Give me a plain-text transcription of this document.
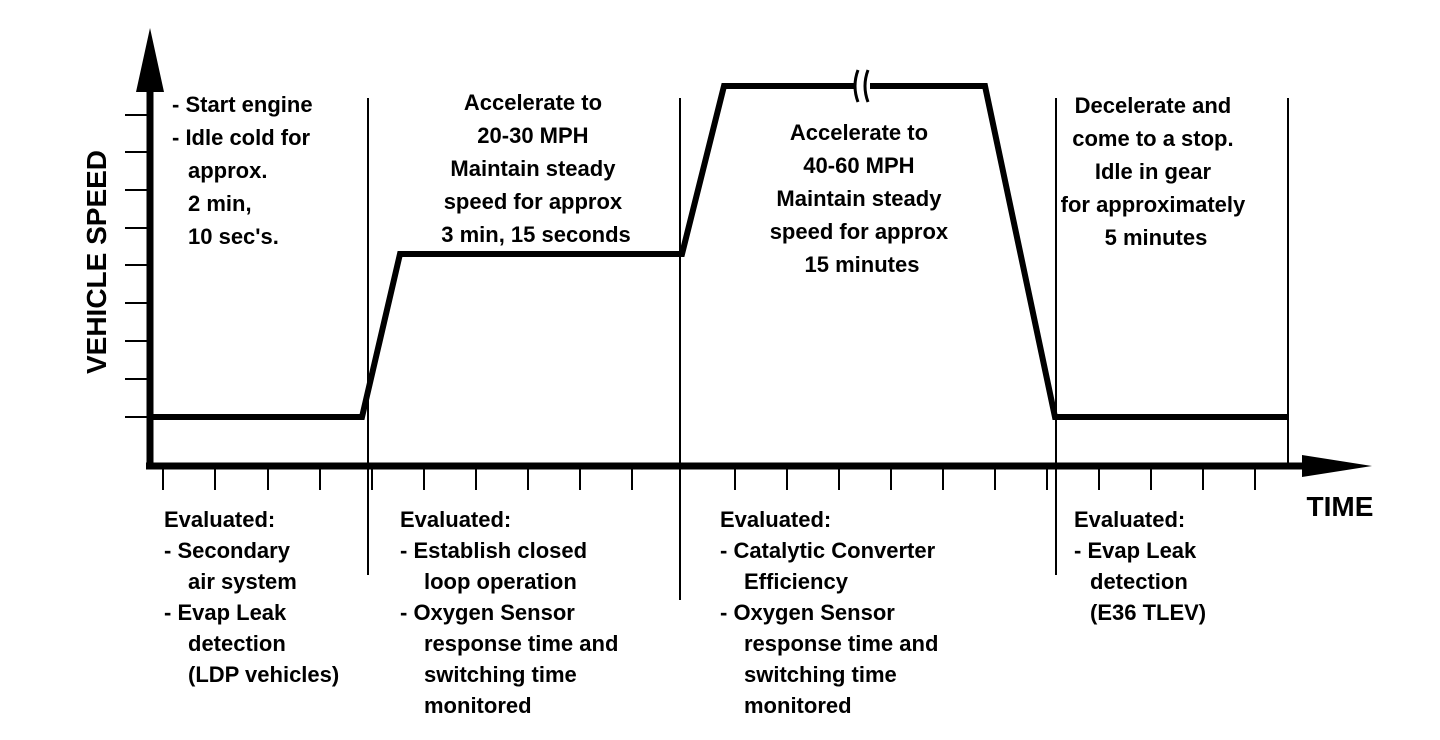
VEHICLE SPEED
TIME
- Start engine - Idle cold for approx. 2 min, 10 sec's.
Accelerate to 20-30 MPH Maintain steady speed for approx 3 min, 15 seconds
Accelerate to 40-60 MPH Maintain steady speed for approx 15 minutes
Decelerate and come to a stop. Idle in gear for approximately 5 minutes
Evaluated: - Secondary air system - Evap Leak detection (LDP vehicles)
Evaluated: - Establish closed loop operation - Oxygen Sensor response time and switching time monitored
Evaluated: - Catalytic Converter Efficiency - Oxygen Sensor response time and switching time monitored
Evaluated: - Evap Leak detection (E36 TLEV)
